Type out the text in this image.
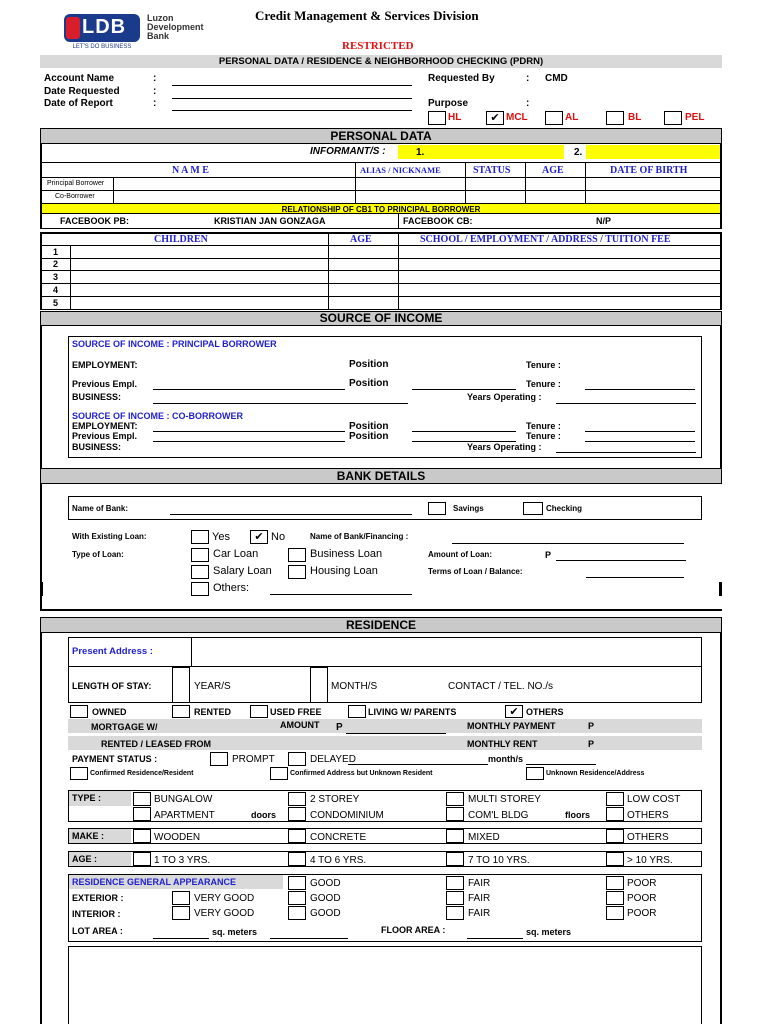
LDB
LET'S DO BUSINESS
Luzon
Development
Bank
Credit Management & Services Division
RESTRICTED
PERSONAL DATA / RESIDENCE & NEIGHBORHOOD CHECKING (PDRN)
Account Name
Date Requested
Date of Report
:
:
:
Requested By	: CMD
Purpose	:
HL	✔ MCL	AL	BL	PEL
PERSONAL DATA
INFORMANT/S :	1.	2.
N A M E	ALIAS / NICKNAME	STATUS	AGE	DATE OF BIRTH
Principal Borrower
Co-Borrower
RELATIONSHIP OF CB1 TO PRINCIPAL BORROWER
FACEBOOK PB:	KRISTIAN JAN GONZAGA	FACEBOOK CB:	N/P
CHILDREN	AGE	SCHOOL / EMPLOYMENT / ADDRESS / TUITION FEE
1
2
3
4
5
SOURCE OF INCOME
SOURCE OF INCOME : PRINCIPAL BORROWER
EMPLOYMENT:	Position	Tenure :
Previous Empl.	Position	Tenure :
BUSINESS:	Years Operating :
SOURCE OF INCOME : CO-BORROWER
EMPLOYMENT:	Position	Tenure :
Previous Empl.	Position	Tenure :
BUSINESS:	Years Operating :
BANK DETAILS
Name of Bank:	Savings	Checking
With Existing Loan:	Yes	✔ No	Name of Bank/Financing :
Type of Loan:	Car Loan	Business Loan	Amount of Loan:	P
Salary Loan	Housing Loan	Terms of Loan / Balance:
Others:
RESIDENCE
Present Address :
LENGTH OF STAY:	YEAR/S	MONTH/S	CONTACT / TEL. NO./s
OWNED	RENTED	USED FREE	LIVING W/ PARENTS	✔ OTHERS
MORTGAGE W/	AMOUNT P	MONTHLY PAYMENT	P
RENTED / LEASED FROM	MONTHLY RENT	P
PAYMENT STATUS :	PROMPT	DELAYED	month/s
Confirmed Residence/Resident	Confirmed Address but Unknown Resident	Unknown Residence/Address
TYPE :	BUNGALOW	2 STOREY	MULTI STOREY	LOW COST
APARTMENT	doors	CONDOMINIUM	COM'L BLDG	floors	OTHERS
MAKE :	WOODEN	CONCRETE	MIXED	OTHERS
AGE :	1 TO 3 YRS.	4 TO 6 YRS.	7 TO 10 YRS.	> 10 YRS.
RESIDENCE GENERAL APPEARANCE	GOOD	FAIR	POOR
EXTERIOR :	VERY GOOD	GOOD	FAIR	POOR
INTERIOR :	VERY GOOD	GOOD	FAIR	POOR
LOT AREA :	sq. meters	FLOOR AREA :	sq. meters
